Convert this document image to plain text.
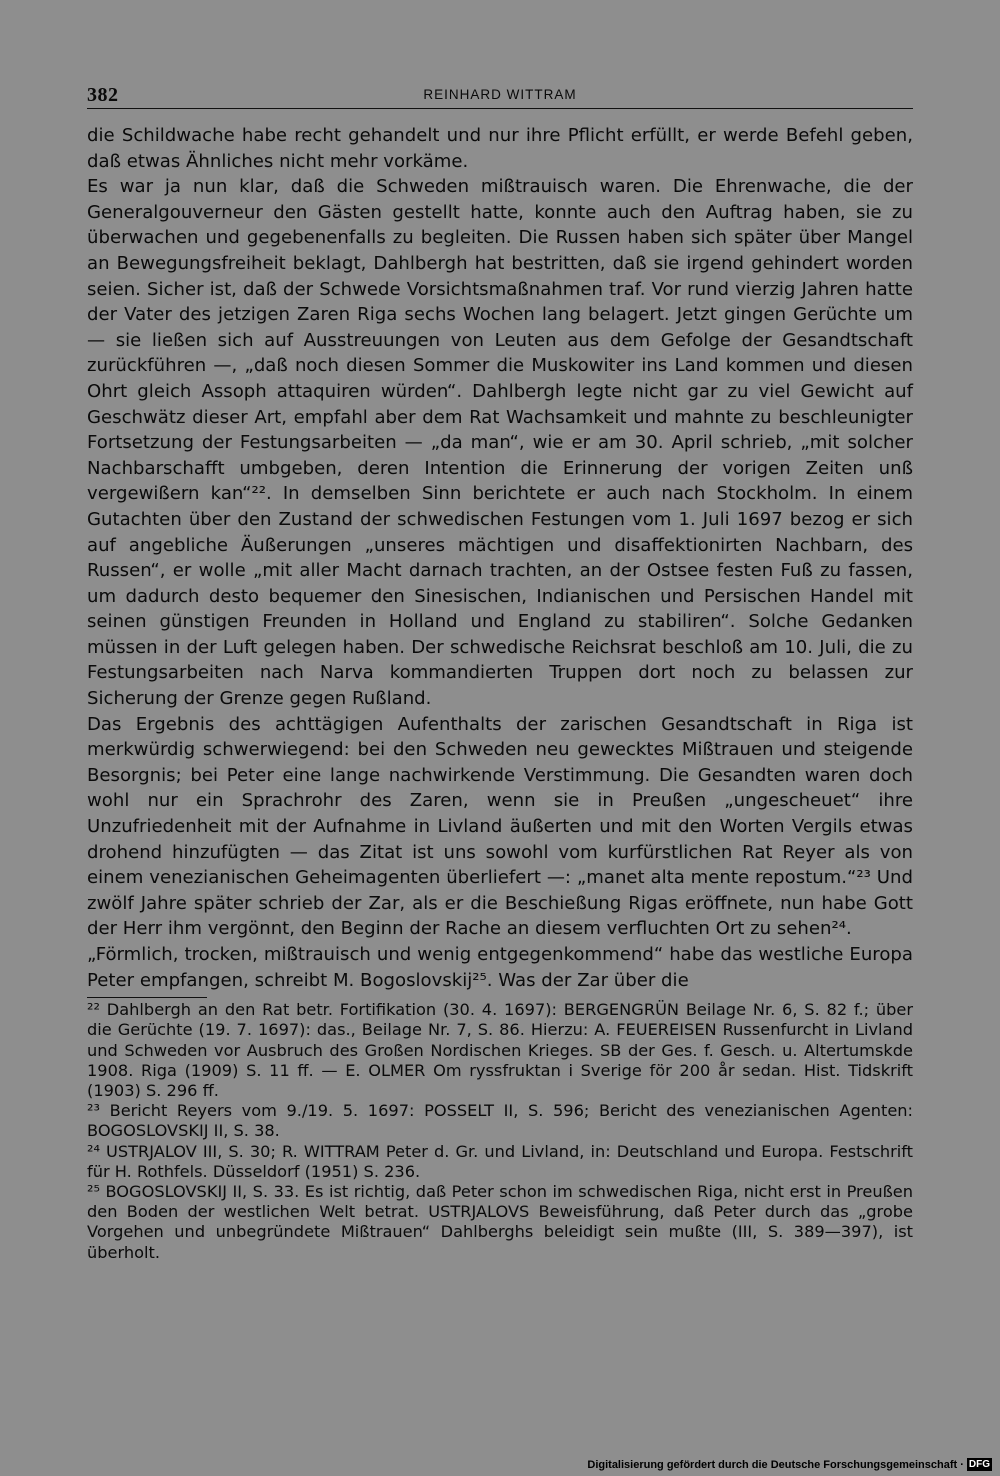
382	REINHARD WITTRAM

die Schildwache habe recht gehandelt und nur ihre Pflicht erfüllt, er werde Befehl geben, daß etwas Ähnliches nicht mehr vorkäme.

Es war ja nun klar, daß die Schweden mißtrauisch waren. Die Ehrenwache, die der Generalgouverneur den Gästen gestellt hatte, konnte auch den Auftrag haben, sie zu überwachen und gegebenenfalls zu begleiten. Die Russen haben sich später über Mangel an Bewegungsfreiheit beklagt, Dahlbergh hat bestritten, daß sie irgend gehindert worden seien. Sicher ist, daß der Schwede Vorsichtsmaßnahmen traf. Vor rund vierzig Jahren hatte der Vater des jetzigen Zaren Riga sechs Wochen lang belagert. Jetzt gingen Gerüchte um — sie ließen sich auf Ausstreuungen von Leuten aus dem Gefolge der Gesandtschaft zurückführen —, „daß noch diesen Sommer die Muskowiter ins Land kommen und diesen Ohrt gleich Assoph attaquiren würden“. Dahlbergh legte nicht gar zu viel Gewicht auf Geschwätz dieser Art, empfahl aber dem Rat Wachsamkeit und mahnte zu beschleunigter Fortsetzung der Festungsarbeiten — „da man“, wie er am 30. April schrieb, „mit solcher Nachbarschafft umbgeben, deren Intention die Erinnerung der vorigen Zeiten unß vergewißern kan“²². In demselben Sinn berichtete er auch nach Stockholm. In einem Gutachten über den Zustand der schwedischen Festungen vom 1. Juli 1697 bezog er sich auf angebliche Äußerungen „unseres mächtigen und disaffektionirten Nachbarn, des Russen“, er wolle „mit aller Macht darnach trachten, an der Ostsee festen Fuß zu fassen, um dadurch desto bequemer den Sinesischen, Indianischen und Persischen Handel mit seinen günstigen Freunden in Holland und England zu stabiliren“. Solche Gedanken müssen in der Luft gelegen haben. Der schwedische Reichsrat beschloß am 10. Juli, die zu Festungsarbeiten nach Narva kommandierten Truppen dort noch zu belassen zur Sicherung der Grenze gegen Rußland.

Das Ergebnis des achttägigen Aufenthalts der zarischen Gesandtschaft in Riga ist merkwürdig schwerwiegend: bei den Schweden neu gewecktes Mißtrauen und steigende Besorgnis; bei Peter eine lange nachwirkende Verstimmung. Die Gesandten waren doch wohl nur ein Sprachrohr des Zaren, wenn sie in Preußen „ungescheuet“ ihre Unzufriedenheit mit der Aufnahme in Livland äußerten und mit den Worten Vergils etwas drohend hinzufügten — das Zitat ist uns sowohl vom kurfürstlichen Rat Reyer als von einem venezianischen Geheimagenten überliefert —: „manet alta mente repostum.“²³ Und zwölf Jahre später schrieb der Zar, als er die Beschießung Rigas eröffnete, nun habe Gott der Herr ihm vergönnt, den Beginn der Rache an diesem verfluchten Ort zu sehen²⁴.

„Förmlich, trocken, mißtrauisch und wenig entgegenkommend“ habe das westliche Europa Peter empfangen, schreibt M. Bogoslovskij²⁵. Was der Zar über die

²² Dahlbergh an den Rat betr. Fortifikation (30. 4. 1697): BERGENGRÜN Beilage Nr. 6, S. 82 f.; über die Gerüchte (19. 7. 1697): das., Beilage Nr. 7, S. 86. Hierzu: A. FEUEREISEN Russenfurcht in Livland und Schweden vor Ausbruch des Großen Nordischen Krieges. SB der Ges. f. Gesch. u. Altertumskde 1908. Riga (1909) S. 11 ff. — E. OLMER Om ryssfruktan i Sverige för 200 år sedan. Hist. Tidskrift (1903) S. 296 ff.

²³ Bericht Reyers vom 9./19. 5. 1697: POSSELT II, S. 596; Bericht des venezianischen Agenten: BOGOSLOVSKIJ II, S. 38.

²⁴ USTRJALOV III, S. 30; R. WITTRAM Peter d. Gr. und Livland, in: Deutschland und Europa. Festschrift für H. Rothfels. Düsseldorf (1951) S. 236.

²⁵ BOGOSLOVSKIJ II, S. 33. Es ist richtig, daß Peter schon im schwedischen Riga, nicht erst in Preußen den Boden der westlichen Welt betrat. USTRJALOVS Beweisführung, daß Peter durch das „grobe Vorgehen und unbegründete Mißtrauen“ Dahlberghs beleidigt sein mußte (III, S. 389—397), ist überholt.

Digitalisierung gefördert durch die Deutsche Forschungsgemeinschaft · DFG
